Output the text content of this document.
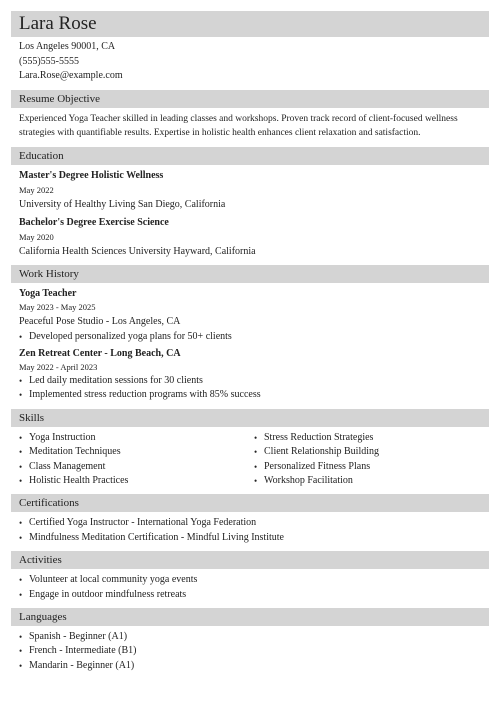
Lara Rose
Los Angeles 90001, CA
(555)555-5555
Lara.Rose@example.com
Resume Objective
Experienced Yoga Teacher skilled in leading classes and workshops. Proven track record of client-focused wellness strategies with quantifiable results. Expertise in holistic health enhances client relaxation and satisfaction.
Education
Master's Degree Holistic Wellness
May 2022
University of Healthy Living San Diego, California
Bachelor's Degree Exercise Science
May 2020
California Health Sciences University Hayward, California
Work History
Yoga Teacher
May 2023 - May 2025
Peaceful Pose Studio - Los Angeles, CA
• Developed personalized yoga plans for 50+ clients
Zen Retreat Center - Long Beach, CA
May 2022 - April 2023
• Led daily meditation sessions for 30 clients
• Implemented stress reduction programs with 85% success
Skills
• Yoga Instruction
• Meditation Techniques
• Class Management
• Holistic Health Practices
• Stress Reduction Strategies
• Client Relationship Building
• Personalized Fitness Plans
• Workshop Facilitation
Certifications
• Certified Yoga Instructor - International Yoga Federation
• Mindfulness Meditation Certification - Mindful Living Institute
Activities
• Volunteer at local community yoga events
• Engage in outdoor mindfulness retreats
Languages
• Spanish - Beginner (A1)
• French - Intermediate (B1)
• Mandarin - Beginner (A1)
